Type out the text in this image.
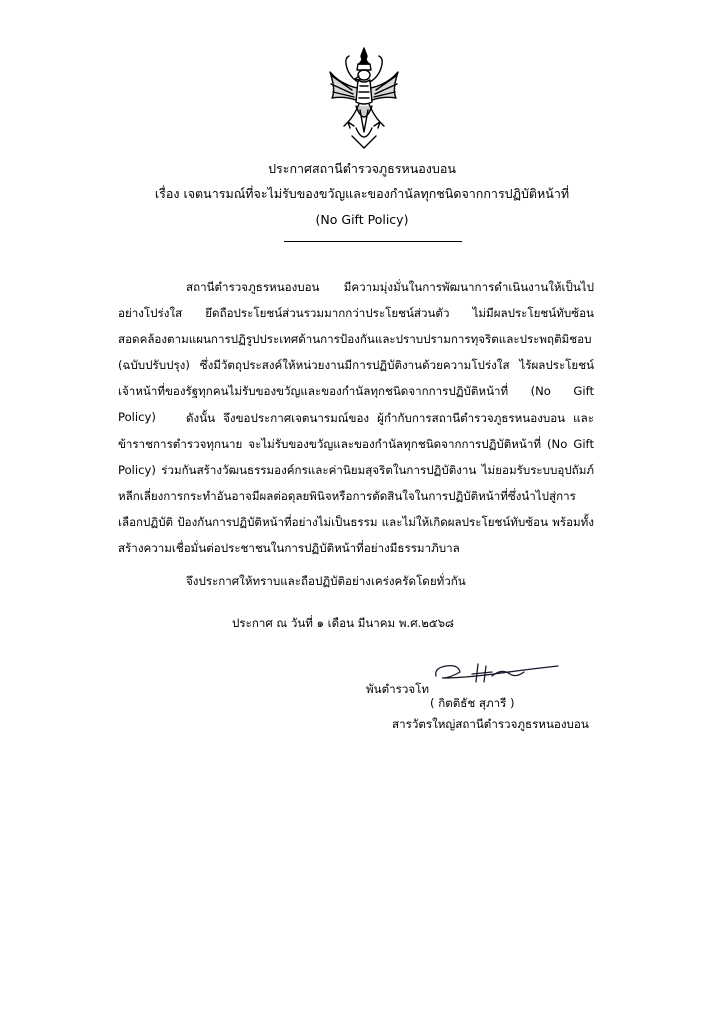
ประกาศสถานีตำรวจภูธรหนองบอน
เรื่อง เจตนารมณ์ที่จะไม่รับของขวัญและของกำนัลทุกชนิดจากการปฏิบัติหน้าที่
(No Gift Policy)

สถานีตำรวจภูธรหนองบอน มีความมุ่งมั่นในการพัฒนาการดำเนินงานให้เป็นไปอย่างโปร่งใส ยึดถือประโยชน์ส่วนรวมมากกว่าประโยชน์ส่วนตัว ไม่มีผลประโยชน์ทับซ้อน สอดคล้องตามแผนการปฏิรูปประเทศด้านการป้องกันและปราบปรามการทุจริตและประพฤติมิชอบ (ฉบับปรับปรุง) ซึ่งมีวัตถุประสงค์ให้หน่วยงานมีการปฏิบัติงานด้วยความโปร่งใส ไร้ผลประโยชน์ เจ้าหน้าที่ของรัฐทุกคนไม่รับของขวัญและของกำนัลทุกชนิดจากการปฏิบัติหน้าที่ (No Gift Policy)	ดังนั้น จึงขอประกาศเจตนารมณ์ของ ผู้กำกับการสถานีตำรวจภูธรหนองบอน และข้าราชการตำรวจทุกนาย จะไม่รับของขวัญและของกำนัลทุกชนิดจากการปฏิบัติหน้าที่ (No Gift Policy) ร่วมกันสร้างวัฒนธรรมองค์กรและค่านิยมสุจริตในการปฏิบัติงาน ไม่ยอมรับระบบอุปถัมภ์ หลีกเลี่ยงการกระทำอันอาจมีผลต่อดุลยพินิจหรือการตัดสินใจในการปฏิบัติหน้าที่ซึ่งนำไปสู่การเลือกปฏิบัติ ป้องกันการปฏิบัติหน้าที่อย่างไม่เป็นธรรม และไม่ให้เกิดผลประโยชน์ทับซ้อน พร้อมทั้งสร้างความเชื่อมั่นต่อประชาชนในการปฏิบัติหน้าที่อย่างมีธรรมาภิบาล

จึงประกาศให้ทราบและถือปฏิบัติอย่างเคร่งครัดโดยทั่วกัน
ประกาศ ณ วันที่ ๑ เดือน มีนาคม พ.ศ.๒๕๖๘
พันตำรวจโท
( กิตติธัช สุภารี )
สารวัตรใหญ่สถานีตำรวจภูธรหนองบอน
